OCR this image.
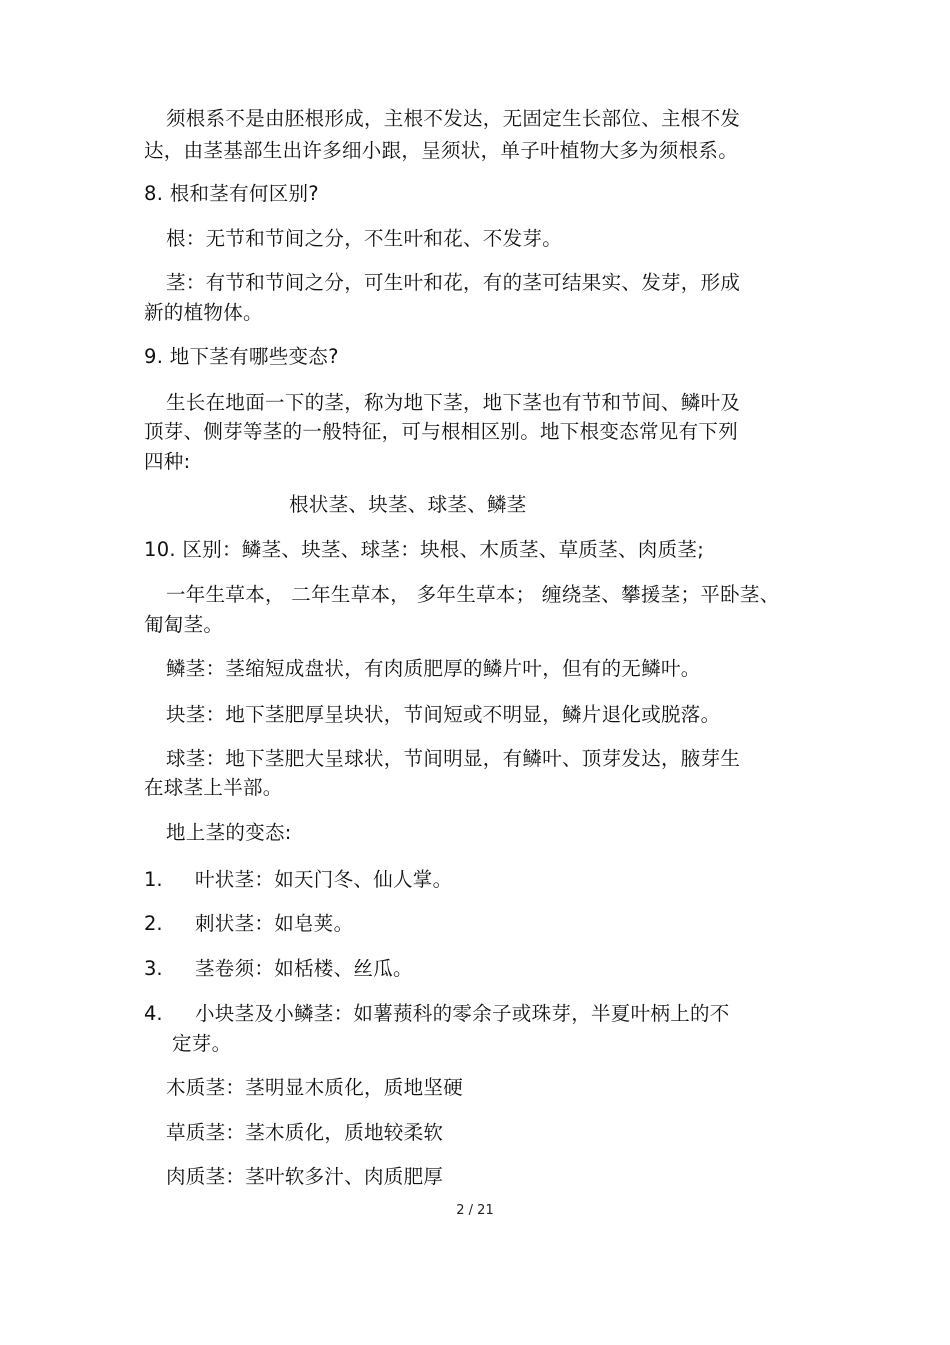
须根系不是由胚根形成，主根不发达，无固定生长部位、主根不发
达，由茎基部生出许多细小跟，呈须状，单子叶植物大多为须根系。
8. 根和茎有何区别?
根：无节和节间之分，不生叶和花、不发芽。
茎：有节和节间之分，可生叶和花，有的茎可结果实、发芽，形成
新的植物体。
9. 地下茎有哪些变态?
生长在地面一下的茎，称为地下茎，地下茎也有节和节间、鳞叶及
顶芽、侧芽等茎的一般特征，可与根相区别。地下根变态常见有下列
四种:
根状茎、块茎、球茎、鳞茎
10. 区别：鳞茎、块茎、球茎：块根、木质茎、草质茎、肉质茎;
一年生草本， 二年生草本， 多年生草本； 缠绕茎、攀援茎；平卧茎、
匍匐茎。
鳞茎：茎缩短成盘状，有肉质肥厚的鳞片叶，但有的无鳞叶。
块茎：地下茎肥厚呈块状，节间短或不明显，鳞片退化或脱落。
球茎：地下茎肥大呈球状，节间明显，有鳞叶、顶芽发达，腋芽生
在球茎上半部。
地上茎的变态:
1. 叶状茎：如天门冬、仙人掌。
2. 刺状茎：如皂荚。
3. 茎卷须：如栝楼、丝瓜。
4. 小块茎及小鳞茎：如薯蓣科的零余子或珠芽，半夏叶柄上的不
定芽。
木质茎：茎明显木质化，质地坚硬
草质茎：茎木质化，质地较柔软
肉质茎：茎叶软多汁、肉质肥厚
2 / 21
